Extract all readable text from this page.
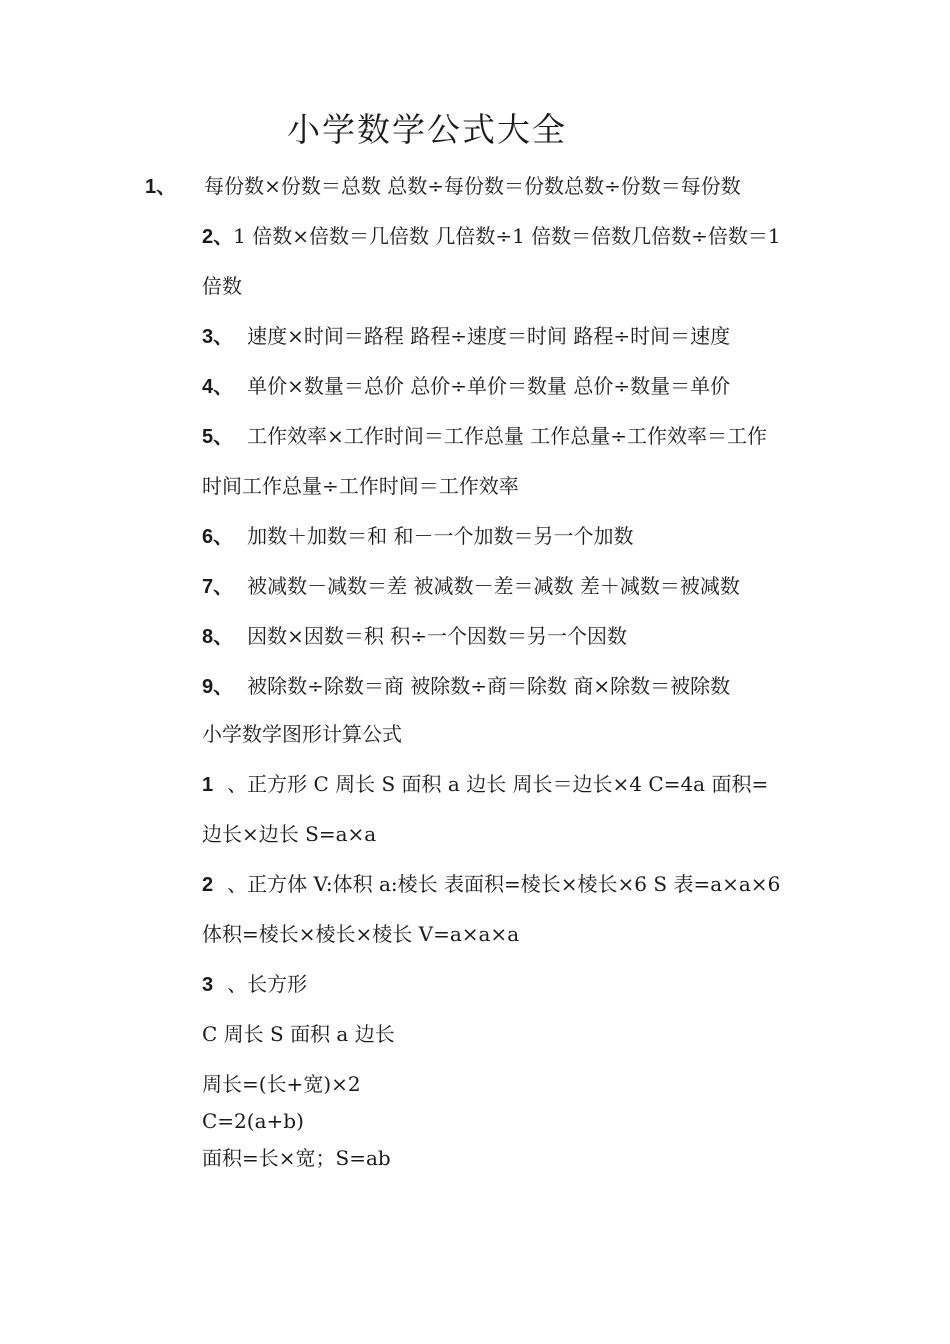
小学数学公式大全
1、 每份数×份数＝总数 总数÷每份数＝份数总数÷份数＝每份数
2、1 倍数×倍数＝几倍数 几倍数÷1 倍数＝倍数几倍数÷倍数＝1
倍数
3、 速度×时间＝路程 路程÷速度＝时间 路程÷时间＝速度
4、 单价×数量＝总价 总价÷单价＝数量 总价÷数量＝单价
5、 工作效率×工作时间＝工作总量 工作总量÷工作效率＝工作
时间工作总量÷工作时间＝工作效率
6、 加数＋加数＝和 和－一个加数＝另一个加数
7、 被减数－减数＝差 被减数－差＝减数 差＋减数＝被减数
8、 因数×因数＝积 积÷一个因数＝另一个因数
9、 被除数÷除数＝商 被除数÷商＝除数 商×除数＝被除数
小学数学图形计算公式
1 、正方形 C 周长 S 面积 a 边长 周长＝边长×4 C=4a 面积=
边长×边长 S=a×a
2 、正方体 V:体积 a:棱长 表面积=棱长×棱长×6 S 表=a×a×6
体积=棱长×棱长×棱长 V=a×a×a
3 、长方形
C 周长 S 面积 a 边长
周长=(长+宽)×2
C=2(a+b)
面积=长×宽；S=ab
